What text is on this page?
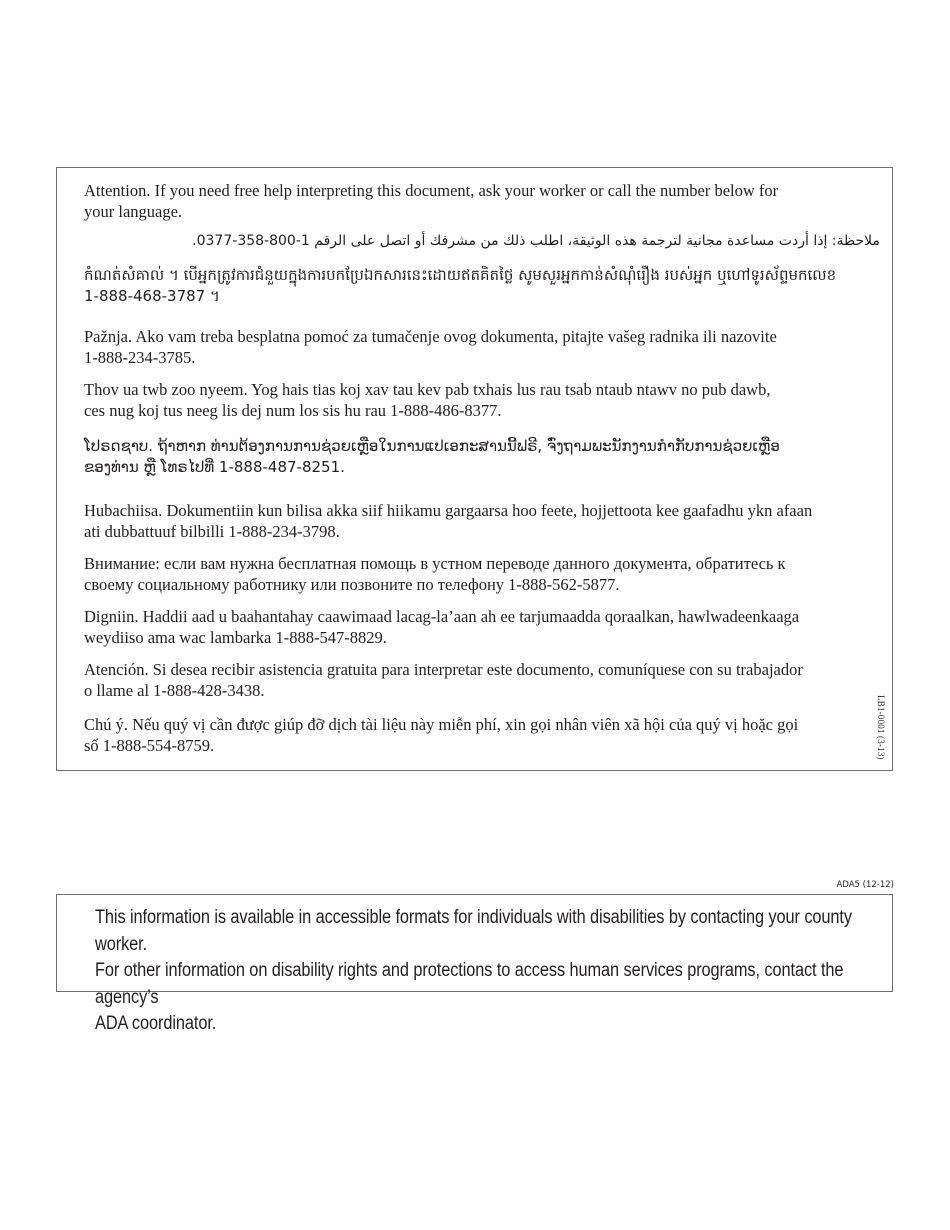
Attention. If you need free help interpreting this document, ask your worker or call the number below for
your language.

ملاحظة: إذا أردت مساعدة مجانية لترجمة هذه الوثيقة، اطلب ذلك من مشرفك أو اتصل على الرقم 1-800-358-0377.

កំណត់សំគាល់ ។ បើអ្នកត្រូវការជំនួយក្នុងការបកប្រែឯកសារនេះដោយឥតគិតថ្លៃ សូមសួរអ្នកកាន់សំណុំរឿង របស់អ្នក ឬហៅទូរស័ព្ទមកលេខ
1-888-468-3787 ។

Pažnja. Ako vam treba besplatna pomoć za tumačenje ovog dokumenta, pitajte vašeg radnika ili nazovite
1-888-234-3785.

Thov ua twb zoo nyeem. Yog hais tias koj xav tau kev pab txhais lus rau tsab ntaub ntawv no pub dawb,
ces nug koj tus neeg lis dej num los sis hu rau 1-888-486-8377.

ໂປຣດຊາບ. ຖ້າຫາກ ທ່ານຕ້ອງການການຊ່ວຍເຫຼືອໃນການແປເອກະສານນີ້ຟຣີ, ຈົ່ງຖາມພະນັກງານກໍາກັບການຊ່ວຍເຫຼືອ
ຂອງທ່ານ ຫຼື ໂທຣໄປທີ່ 1-888-487-8251.

Hubachiisa. Dokumentiin kun bilisa akka siif hiikamu gargaarsa hoo feete, hojjettoota kee gaafadhu ykn afaan
ati dubbattuuf bilbilli 1-888-234-3798.

Внимание: если вам нужна бесплатная помощь в устном переводе данного документа, обратитесь к
своему социальному работнику или позвоните по телефону 1-888-562-5877.

Digniin. Haddii aad u baahantahay caawimaad lacag-la’aan ah ee tarjumaadda qoraalkan, hawlwadeenkaaga
weydiiso ama wac lambarka 1-888-547-8829.

Atención. Si desea recibir asistencia gratuita para interpretar este documento, comuníquese con su trabajador
o llame al 1-888-428-3438.

Chú ý. Nếu quý vị cần được giúp đỡ dịch tài liệu này miễn phí, xin gọi nhân viên xã hội của quý vị hoặc gọi
số 1-888-554-8759.	LB1-0001 (3-13)
ADA5 (12-12)

This information is available in accessible formats for individuals with disabilities by contacting your county worker.
For other information on disability rights and protections to access human services programs, contact the agency’s
ADA coordinator.
